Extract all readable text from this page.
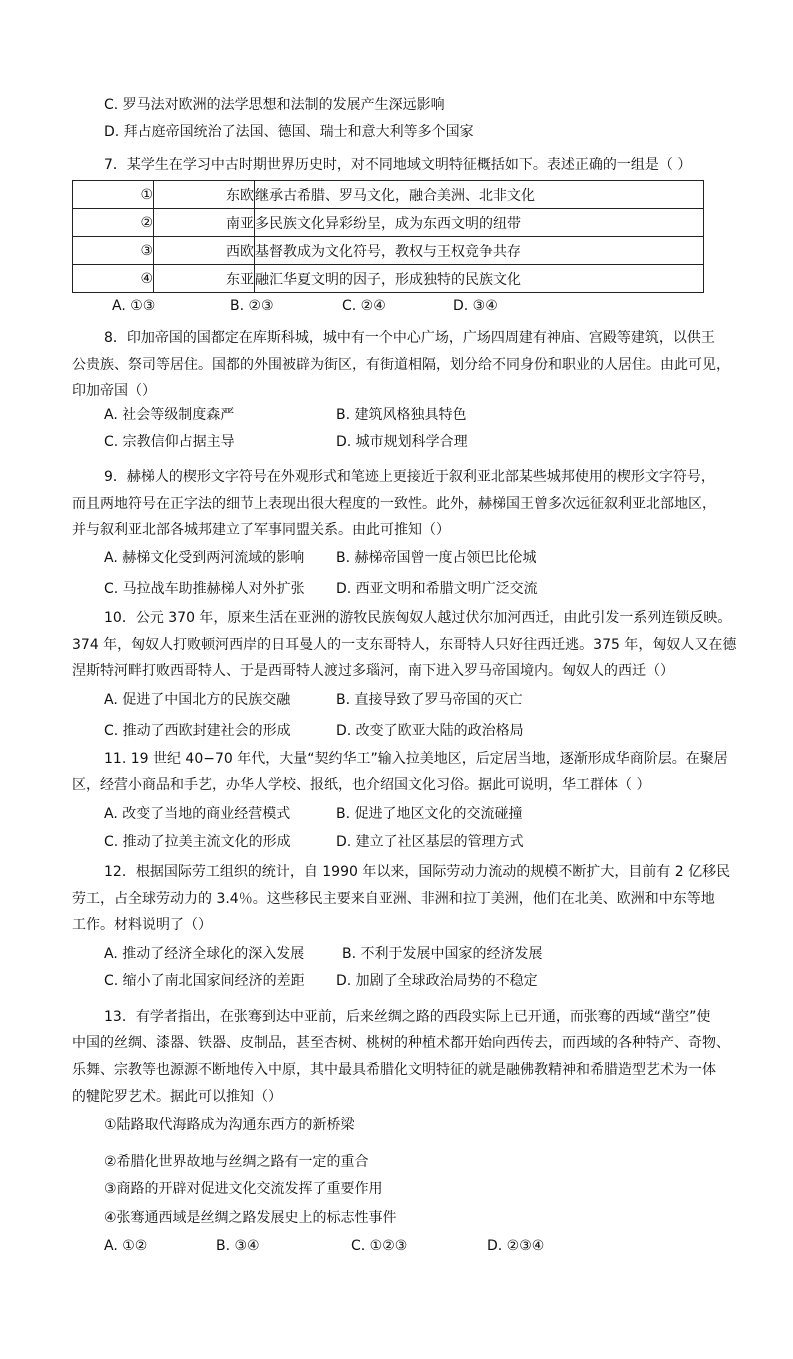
C. 罗马法对欧洲的法学思想和法制的发展产生深远影响
D. 拜占庭帝国统治了法国、德国、瑞士和意大利等多个国家
7．某学生在学习中古时期世界历史时，对不同地域文明特征概括如下。表述正确的一组是（ ）
①	东欧	继承古希腊、罗马文化，融合美洲、北非文化
②	南亚	多民族文化异彩纷呈，成为东西文明的纽带
③	西欧	基督教成为文化符号，教权与王权竞争共存
④	东亚	融汇华夏文明的因子，形成独特的民族文化
A. ①③	B. ②③	C. ②④	D. ③④
8．印加帝国的国都定在库斯科城，城中有一个中心广场，广场四周建有神庙、宫殿等建筑，以供王
公贵族、祭司等居住。国都的外围被辟为街区，有街道相隔，划分给不同身份和职业的人居住。由此可见，
印加帝国（）
A. 社会等级制度森严	B. 建筑风格独具特色
C. 宗教信仰占据主导	D. 城市规划科学合理
9．赫梯人的楔形文字符号在外观形式和笔迹上更接近于叙利亚北部某些城邦使用的楔形文字符号，
而且两地符号在正字法的细节上表现出很大程度的一致性。此外，赫梯国王曾多次远征叙利亚北部地区，
并与叙利亚北部各城邦建立了军事同盟关系。由此可推知（）
A. 赫梯文化受到两河流域的影响 B. 赫梯帝国曾一度占领巴比伦城
C. 马拉战车助推赫梯人对外扩张 D. 西亚文明和希腊文明广泛交流
10．公元 370 年，原来生活在亚洲的游牧民族匈奴人越过伏尔加河西迁，由此引发一系列连锁反映。
374 年，匈奴人打败顿河西岸的日耳曼人的一支东哥特人，东哥特人只好往西迁逃。375 年，匈奴人又在德
涅斯特河畔打败西哥特人、于是西哥特人渡过多瑙河，南下进入罗马帝国境内。匈奴人的西迁（）
A. 促进了中国北方的民族交融	B. 直接导致了罗马帝国的灭亡
C. 推动了西欧封建社会的形成	D. 改变了欧亚大陆的政治格局
11. 19 世纪 40−70 年代，大量“契约华工”输入拉美地区，后定居当地，逐渐形成华商阶层。在聚居
区，经营小商品和手艺，办华人学校、报纸，也介绍国文化习俗。据此可说明，华工群体（ ）
A. 改变了当地的商业经营模式	B. 促进了地区文化的交流碰撞
C. 推动了拉美主流文化的形成	D. 建立了社区基层的管理方式
12．根据国际劳工组织的统计，自 1990 年以来，国际劳动力流动的规模不断扩大，目前有 2 亿移民
劳工，占全球劳动力的 3.4％。这些移民主要来自亚洲、非洲和拉丁美洲，他们在北美、欧洲和中东等地
工作。材料说明了（）
A. 推动了经济全球化的深入发展	B. 不利于发展中国家的经济发展
C. 缩小了南北国家间经济的差距 D. 加剧了全球政治局势的不稳定
13．有学者指出，在张骞到达中亚前，后来丝绸之路的西段实际上已开通，而张骞的西域“凿空”使
中国的丝绸、漆器、铁器、皮制品，甚至杏树、桃树的种植术都开始向西传去，而西域的各种特产、奇物、
乐舞、宗教等也源源不断地传入中原，其中最具希腊化文明特征的就是融佛教精神和希腊造型艺术为一体
的犍陀罗艺术。据此可以推知（）
①陆路取代海路成为沟通东西方的新桥梁
②希腊化世界故地与丝绸之路有一定的重合
③商路的开辟对促进文化交流发挥了重要作用
④张骞通西域是丝绸之路发展史上的标志性事件
A. ①②	B. ③④	C. ①②③	D. ②③④
